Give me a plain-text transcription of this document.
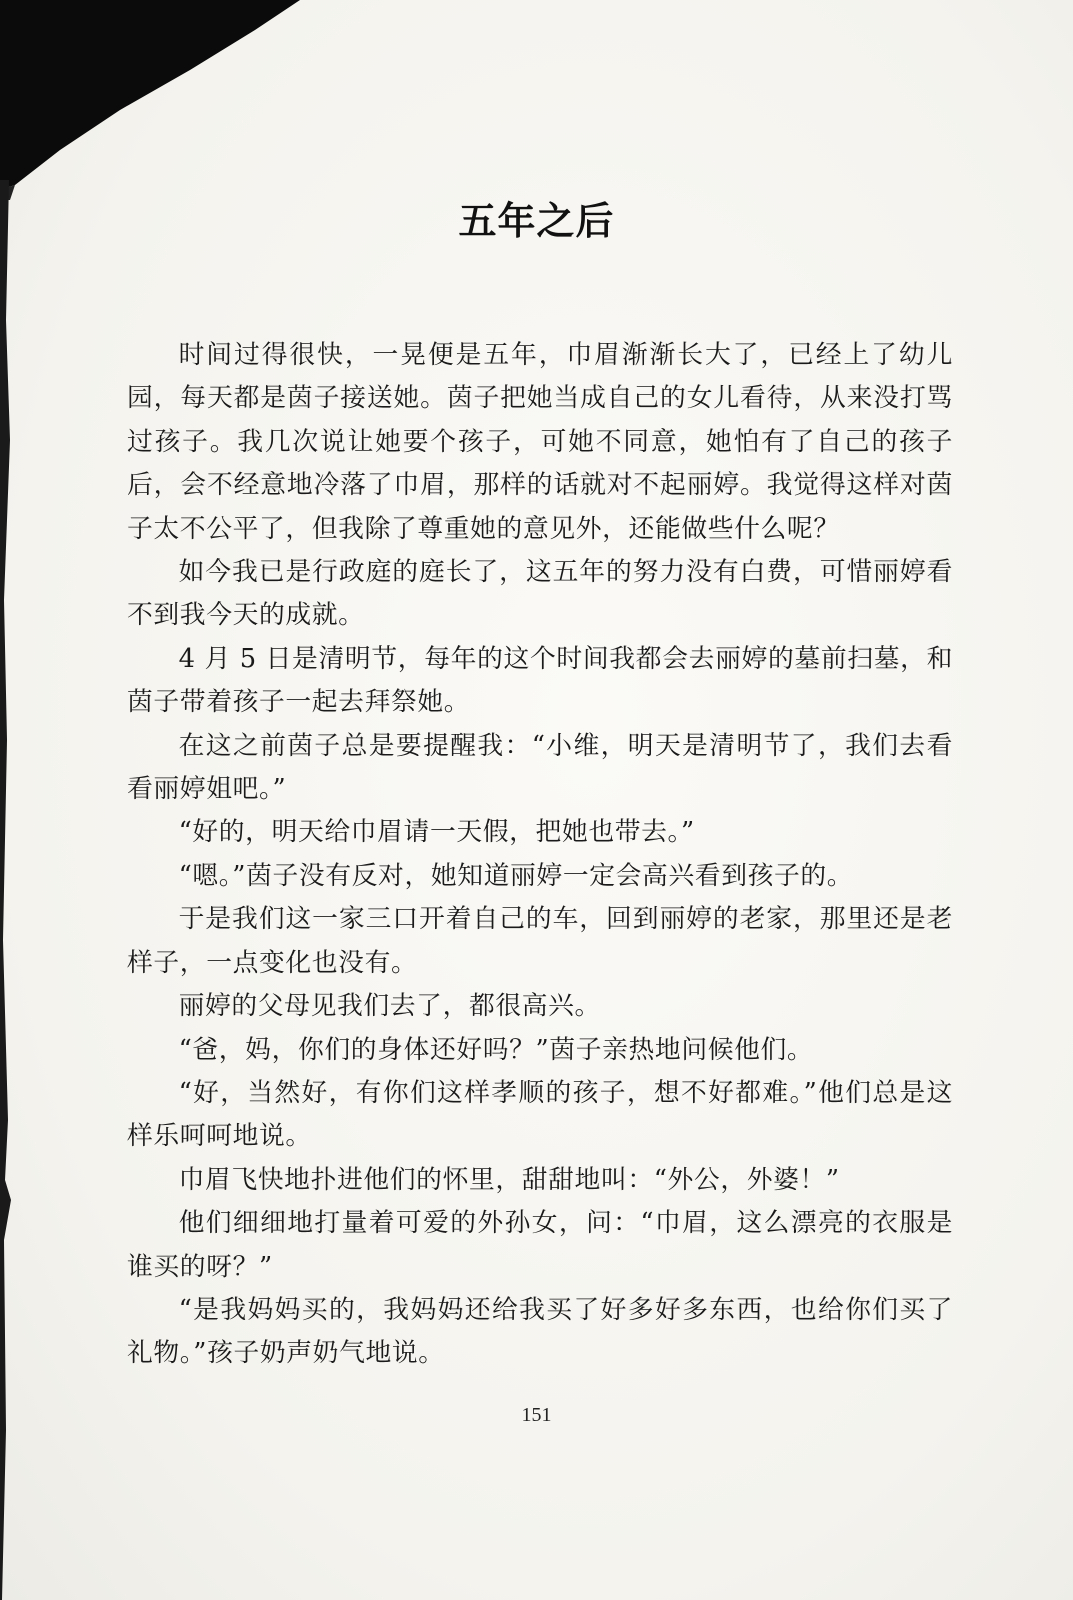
五年之后

时间过得很快，一晃便是五年，巾眉渐渐长大了，已经上了幼儿园，每天都是茵子接送她。茵子把她当成自己的女儿看待，从来没打骂过孩子。我几次说让她要个孩子，可她不同意，她怕有了自己的孩子后，会不经意地冷落了巾眉，那样的话就对不起丽婷。我觉得这样对茵子太不公平了，但我除了尊重她的意见外，还能做些什么呢？

如今我已是行政庭的庭长了，这五年的努力没有白费，可惜丽婷看不到我今天的成就。

4 月 5 日是清明节，每年的这个时间我都会去丽婷的墓前扫墓，和茵子带着孩子一起去拜祭她。

在这之前茵子总是要提醒我：“小维，明天是清明节了，我们去看看丽婷姐吧。”

“好的，明天给巾眉请一天假，把她也带去。”

“嗯。”茵子没有反对，她知道丽婷一定会高兴看到孩子的。

于是我们这一家三口开着自己的车，回到丽婷的老家，那里还是老样子，一点变化也没有。

丽婷的父母见我们去了，都很高兴。

“爸，妈，你们的身体还好吗？”茵子亲热地问候他们。

“好，当然好，有你们这样孝顺的孩子，想不好都难。”他们总是这样乐呵呵地说。

巾眉飞快地扑进他们的怀里，甜甜地叫：“外公，外婆！”

他们细细地打量着可爱的外孙女，问：“巾眉，这么漂亮的衣服是谁买的呀？”

“是我妈妈买的，我妈妈还给我买了好多好多东西，也给你们买了礼物。”孩子奶声奶气地说。

151
